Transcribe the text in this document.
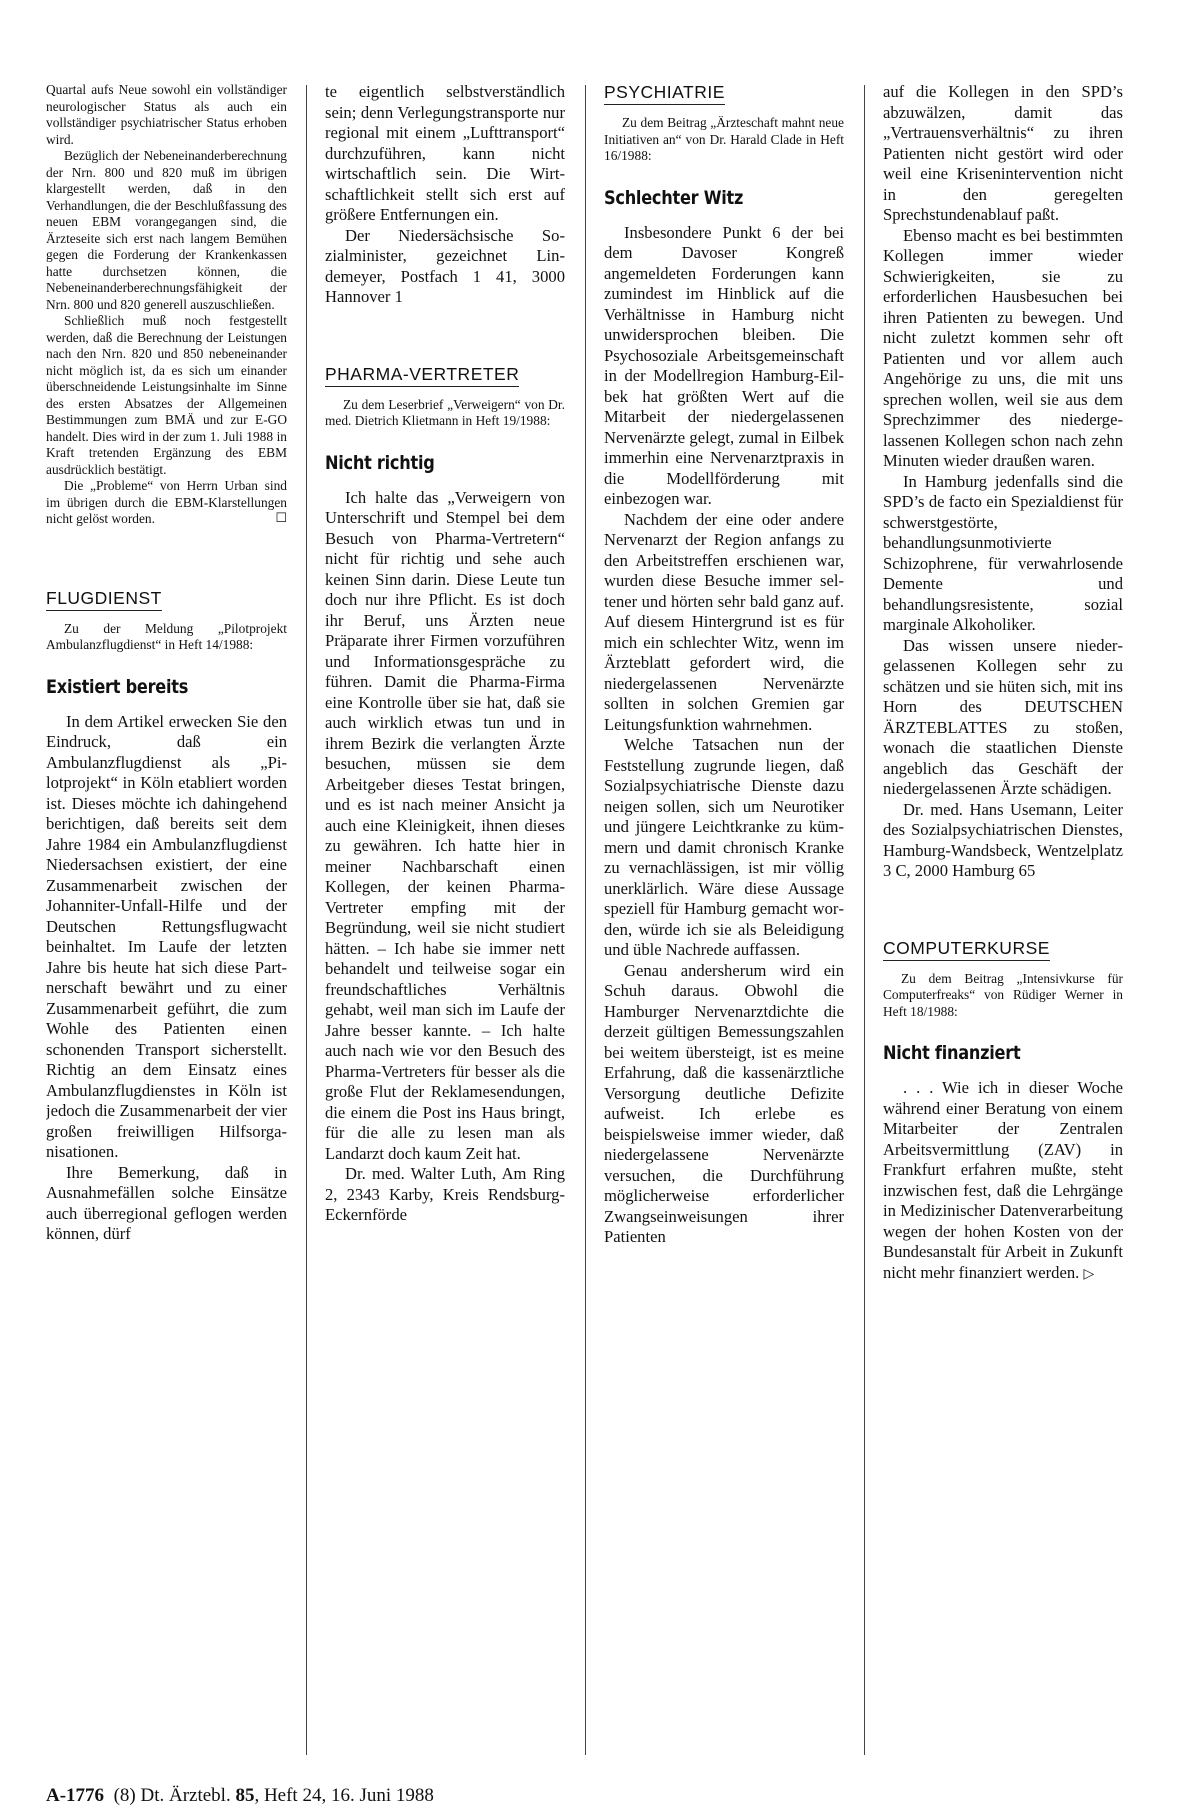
Quartal aufs Neue sowohl ein vollständiger neurologischer Status als auch ein vollständiger psychiatrischer Status erhoben wird.

Bezüglich der Nebeneinanderberechnung der Nrn. 800 und 820 muß im übrigen klargestellt werden, daß in den Verhandlungen, die der Beschlußfassung des neuen EBM vorangegangen sind, die Ärzteseite sich erst nach langem Bemühen gegen die Forderung der Krankenkassen hatte durchsetzen können, die Nebeneinanderberechnungsfähigkeit der Nrn. 800 und 820 generell auszuschließen.

Schließlich muß noch festgestellt werden, daß die Berechnung der Leistungen nach den Nrn. 820 und 850 nebeneinander nicht möglich ist, da es sich um einander überschneidende Leistungsinhalte im Sinne des ersten Absatzes der Allgemeinen Bestimmungen zum BMÄ und zur E-GO handelt. Dies wird in der zum 1. Juli 1988 in Kraft tretenden Ergänzung des EBM ausdrücklich bestätigt.

Die „Probleme“ von Herrn Urban sind im übrigen durch die EBM-Klarstellungen nicht gelöst worden.	☐

FLUGDIENST

Zu der Meldung „Pilotprojekt Ambulanzflugdienst“ in Heft 14/1988:

Existiert bereits

In dem Artikel erwecken Sie den Eindruck, daß ein Ambulanzflugdienst als „Pilotprojekt“ in Köln etabliert worden ist. Dieses möchte ich dahingehend berichtigen, daß bereits seit dem Jahre 1984 ein Ambulanzflugdienst Niedersachsen existiert, der eine Zusammenarbeit zwischen der Johanniter-Unfall-Hilfe und der Deutschen Rettungsflugwacht beinhaltet. Im Laufe der letzten Jahre bis heute hat sich diese Partnerschaft bewährt und zu einer Zusammenarbeit geführt, die zum Wohle des Patienten einen schonenden Transport sicherstellt. Richtig an dem Einsatz eines Ambulanzflugdienstes in Köln ist jedoch die Zusammenarbeit der vier großen freiwilligen Hilfsorganisationen.

Ihre Bemerkung, daß in Ausnahmefällen solche Einsätze auch überregional geflogen werden können, dürf

te eigentlich selbstverständlich sein; denn Verlegungstransporte nur regional mit einem „Lufttransport“ durchzuführen, kann nicht wirtschaftlich sein. Die Wirtschaftlichkeit stellt sich erst auf größere Entfernungen ein.

Der Niedersächsische Sozialminister, gezeichnet Lindemeyer, Postfach 1 41, 3000 Hannover 1

PHARMA-VERTRETER

Zu dem Leserbrief „Verweigern“ von Dr. med. Dietrich Klietmann in Heft 19/1988:

Nicht richtig

Ich halte das „Verweigern von Unterschrift und Stempel bei dem Besuch von Pharma-Vertretern“ nicht für richtig und sehe auch keinen Sinn darin. Diese Leute tun doch nur ihre Pflicht. Es ist doch ihr Beruf, uns Ärzten neue Präparate ihrer Firmen vorzuführen und Informationsgespräche zu führen. Damit die Pharma-Firma eine Kontrolle über sie hat, daß sie auch wirklich etwas tun und in ihrem Bezirk die verlangten Ärzte besuchen, müssen sie dem Arbeitgeber dieses Testat bringen, und es ist nach meiner Ansicht ja auch eine Kleinigkeit, ihnen dieses zu gewähren. Ich hatte hier in meiner Nachbarschaft einen Kollegen, der keinen Pharma-Vertreter empfing mit der Begründung, weil sie nicht studiert hätten. – Ich habe sie immer nett behandelt und teilweise sogar ein freundschaftliches Verhältnis gehabt, weil man sich im Laufe der Jahre besser kannte. – Ich halte auch nach wie vor den Besuch des Pharma-Vertreters für besser als die große Flut der Reklamesendungen, die einem die Post ins Haus bringt, für die alle zu lesen man als Landarzt doch kaum Zeit hat.

Dr. med. Walter Luth, Am Ring 2, 2343 Karby, Kreis Rendsburg-Eckernförde

PSYCHIATRIE

Zu dem Beitrag „Ärzteschaft mahnt neue Initiativen an“ von Dr. Harald Clade in Heft 16/1988:

Schlechter Witz

Insbesondere Punkt 6 der bei dem Davoser Kongreß angemeldeten Forderungen kann zumindest im Hinblick auf die Verhältnisse in Hamburg nicht unwidersprochen bleiben. Die Psychosoziale Arbeitsgemeinschaft in der Modellregion Hamburg-Eilbek hat größten Wert auf die Mitarbeit der niedergelassenen Nervenärzte gelegt, zumal in Eilbek immerhin eine Nervenarztpraxis in die Modellförderung mit einbezogen war.

Nachdem der eine oder andere Nervenarzt der Region anfangs zu den Arbeitstreffen erschienen war, wurden diese Besuche immer seltener und hörten sehr bald ganz auf. Auf diesem Hintergrund ist es für mich ein schlechter Witz, wenn im Ärzteblatt gefordert wird, die niedergelassenen Nervenärzte sollten in solchen Gremien gar Leitungsfunktion wahrnehmen.

Welche Tatsachen nun der Feststellung zugrunde liegen, daß Sozialpsychiatrische Dienste dazu neigen sollen, sich um Neurotiker und jüngere Leichtkranke zu kümmern und damit chronisch Kranke zu vernachlässigen, ist mir völlig unerklärlich. Wäre diese Aussage speziell für Hamburg gemacht worden, würde ich sie als Beleidigung und üble Nachrede auffassen.

Genau andersherum wird ein Schuh daraus. Obwohl die Hamburger Nervenarztdichte die derzeit gültigen Bemessungszahlen bei weitem übersteigt, ist es meine Erfahrung, daß die kassenärztliche Versorgung deutliche Defizite aufweist. Ich erlebe es beispielsweise immer wieder, daß niedergelassene Nervenärzte versuchen, die Durchführung möglicherweise erforderlicher Zwangseinweisungen ihrer Patienten

auf die Kollegen in den SPD’s abzuwälzen, damit das „Vertrauensverhältnis“ zu ihren Patienten nicht gestört wird oder weil eine Krisenintervention nicht in den geregelten Sprechstundenablauf paßt.

Ebenso macht es bei bestimmten Kollegen immer wieder Schwierigkeiten, sie zu erforderlichen Hausbesuchen bei ihren Patienten zu bewegen. Und nicht zuletzt kommen sehr oft Patienten und vor allem auch Angehörige zu uns, die mit uns sprechen wollen, weil sie aus dem Sprechzimmer des niedergelassenen Kollegen schon nach zehn Minuten wieder draußen waren.

In Hamburg jedenfalls sind die SPD’s de facto ein Spezialdienst für schwerstgestörte, behandlungsunmotivierte Schizophrene, für verwahrlosende Demente und behandlungsresistente, sozial marginale Alkoholiker.

Das wissen unsere niedergelassenen Kollegen sehr zu schätzen und sie hüten sich, mit ins Horn des DEUTSCHEN ÄRZTEBLATTES zu stoßen, wonach die staatlichen Dienste angeblich das Geschäft der niedergelassenen Ärzte schädigen.

Dr. med. Hans Usemann, Leiter des Sozialpsychiatrischen Dienstes, Hamburg-Wandsbeck, Wentzelplatz 3 C, 2000 Hamburg 65

COMPUTERKURSE

Zu dem Beitrag „Intensivkurse für Computerfreaks“ von Rüdiger Werner in Heft 18/1988:

Nicht finanziert

. . . Wie ich in dieser Woche während einer Beratung von einem Mitarbeiter der Zentralen Arbeitsvermittlung (ZAV) in Frankfurt erfahren mußte, steht inzwischen fest, daß die Lehrgänge in Medizinischer Datenverarbeitung wegen der hohen Kosten von der Bundesanstalt für Arbeit in Zukunft nicht mehr finanziert werden. ▷

A-1776 (8) Dt. Ärztebl. 85, Heft 24, 16. Juni 1988
